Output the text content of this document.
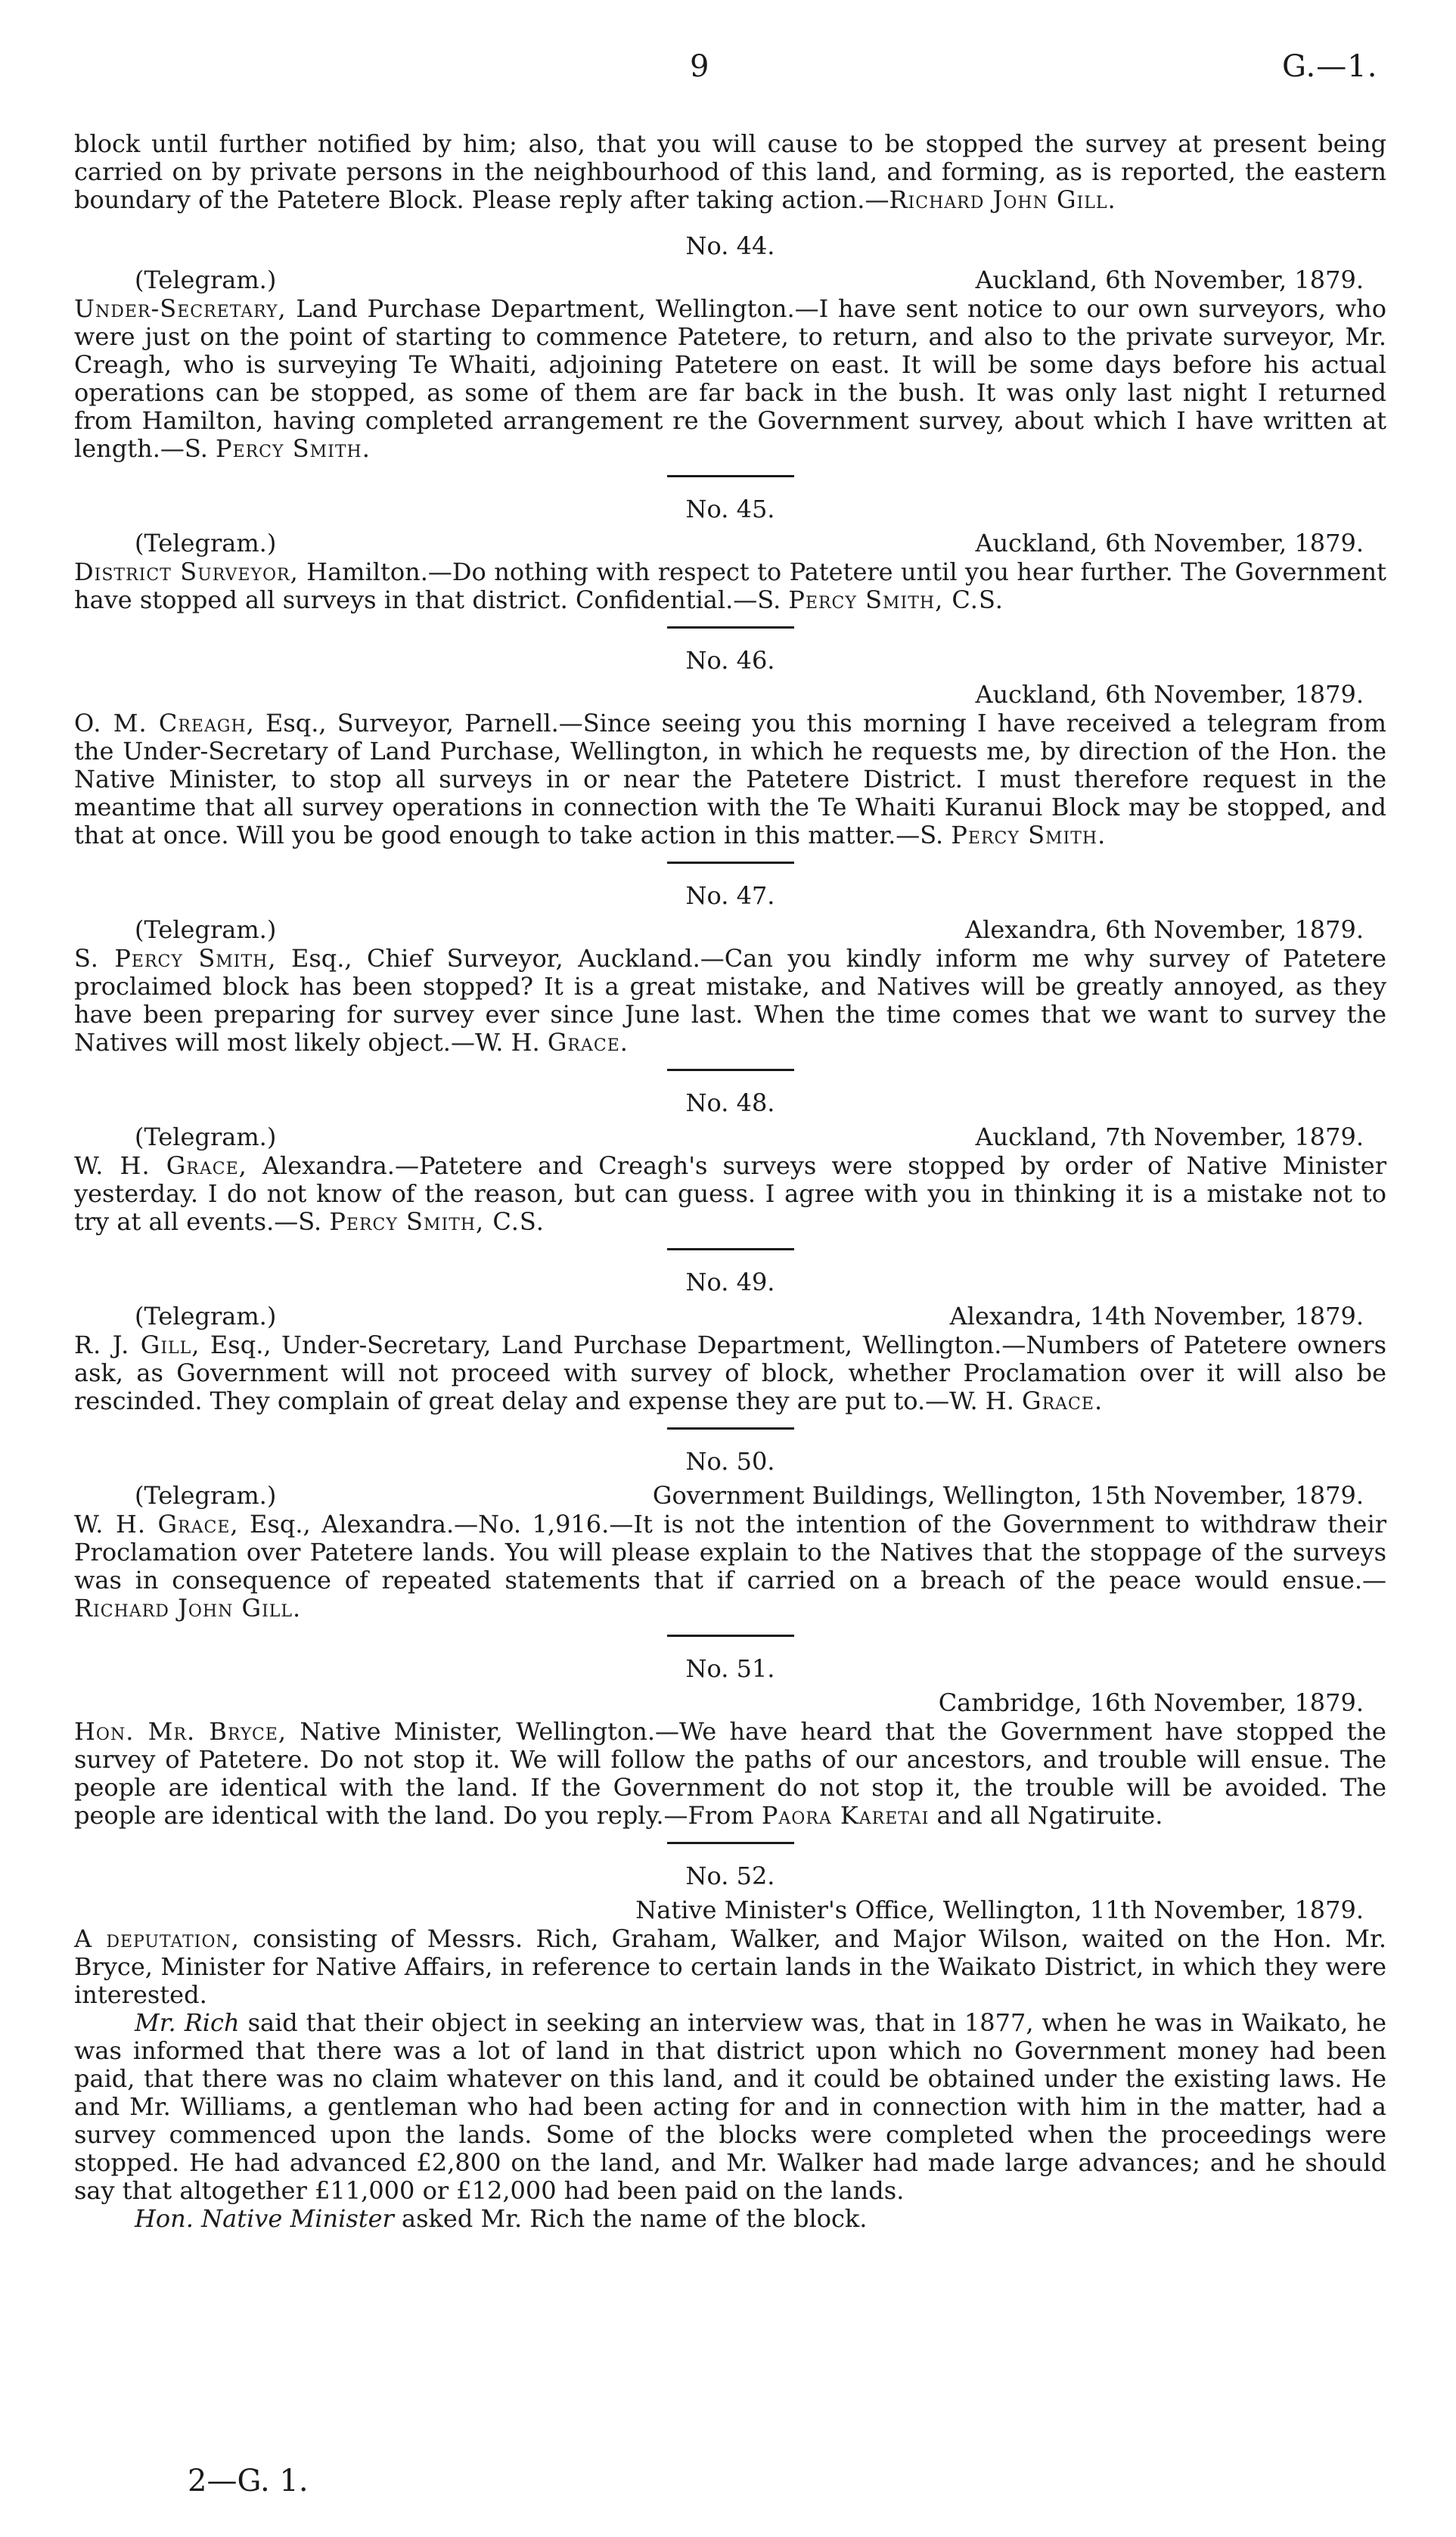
9	G.—1.

block until further notified by him; also, that you will cause to be stopped the survey at present being carried on by private persons in the neighbourhood of this land, and forming, as is reported, the eastern boundary of the Patetere Block. Please reply after taking action.—Richard John Gill.

No. 44.
(Telegram.)	Auckland, 6th November, 1879.

Under-Secretary, Land Purchase Department, Wellington.—I have sent notice to our own surveyors, who were just on the point of starting to commence Patetere, to return, and also to the private surveyor, Mr. Creagh, who is surveying Te Whaiti, adjoining Patetere on east. It will be some days before his actual operations can be stopped, as some of them are far back in the bush. It was only last night I returned from Hamilton, having completed arrangement re the Government survey, about which I have written at length.—S. Percy Smith.

No. 45.
(Telegram.)	Auckland, 6th November, 1879.

District Surveyor, Hamilton.—Do nothing with respect to Patetere until you hear further. The Government have stopped all surveys in that district. Confidential.—S. Percy Smith, C.S.

No. 46.
Auckland, 6th November, 1879.

O. M. Creagh, Esq., Surveyor, Parnell.—Since seeing you this morning I have received a telegram from the Under-Secretary of Land Purchase, Wellington, in which he requests me, by direction of the Hon. the Native Minister, to stop all surveys in or near the Patetere District. I must therefore request in the meantime that all survey operations in connection with the Te Whaiti Kuranui Block may be stopped, and that at once. Will you be good enough to take action in this matter.—S. Percy Smith.

No. 47.
(Telegram.)	Alexandra, 6th November, 1879.

S. Percy Smith, Esq., Chief Surveyor, Auckland.—Can you kindly inform me why survey of Patetere proclaimed block has been stopped? It is a great mistake, and Natives will be greatly annoyed, as they have been preparing for survey ever since June last. When the time comes that we want to survey the Natives will most likely object.—W. H. Grace.

No. 48.
(Telegram.)	Auckland, 7th November, 1879.

W. H. Grace, Alexandra.—Patetere and Creagh's surveys were stopped by order of Native Minister yesterday. I do not know of the reason, but can guess. I agree with you in thinking it is a mistake not to try at all events.—S. Percy Smith, C.S.

No. 49.
(Telegram.)	Alexandra, 14th November, 1879.

R. J. Gill, Esq., Under-Secretary, Land Purchase Department, Wellington.—Numbers of Patetere owners ask, as Government will not proceed with survey of block, whether Proclamation over it will also be rescinded. They complain of great delay and expense they are put to.—W. H. Grace.

No. 50.
(Telegram.)	Government Buildings, Wellington, 15th November, 1879.

W. H. Grace, Esq., Alexandra.—No. 1,916.—It is not the intention of the Government to withdraw their Proclamation over Patetere lands. You will please explain to the Natives that the stoppage of the surveys was in consequence of repeated statements that if carried on a breach of the peace would ensue.—Richard John Gill.

No. 51.
Cambridge, 16th November, 1879.

Hon. Mr. Bryce, Native Minister, Wellington.—We have heard that the Government have stopped the survey of Patetere. Do not stop it. We will follow the paths of our ancestors, and trouble will ensue. The people are identical with the land. If the Government do not stop it, the trouble will be avoided. The people are identical with the land. Do you reply.—From Paora Karetai and all Ngatiruite.

No. 52.
Native Minister's Office, Wellington, 11th November, 1879.

A deputation, consisting of Messrs. Rich, Graham, Walker, and Major Wilson, waited on the Hon. Mr. Bryce, Minister for Native Affairs, in reference to certain lands in the Waikato District, in which they were interested.

Mr. Rich said that their object in seeking an interview was, that in 1877, when he was in Waikato, he was informed that there was a lot of land in that district upon which no Government money had been paid, that there was no claim whatever on this land, and it could be obtained under the existing laws. He and Mr. Williams, a gentleman who had been acting for and in connection with him in the matter, had a survey commenced upon the lands. Some of the blocks were completed when the proceedings were stopped. He had advanced £2,800 on the land, and Mr. Walker had made large advances; and he should say that altogether £11,000 or £12,000 had been paid on the lands.

Hon. Native Minister asked Mr. Rich the name of the block.

2—G. 1.
